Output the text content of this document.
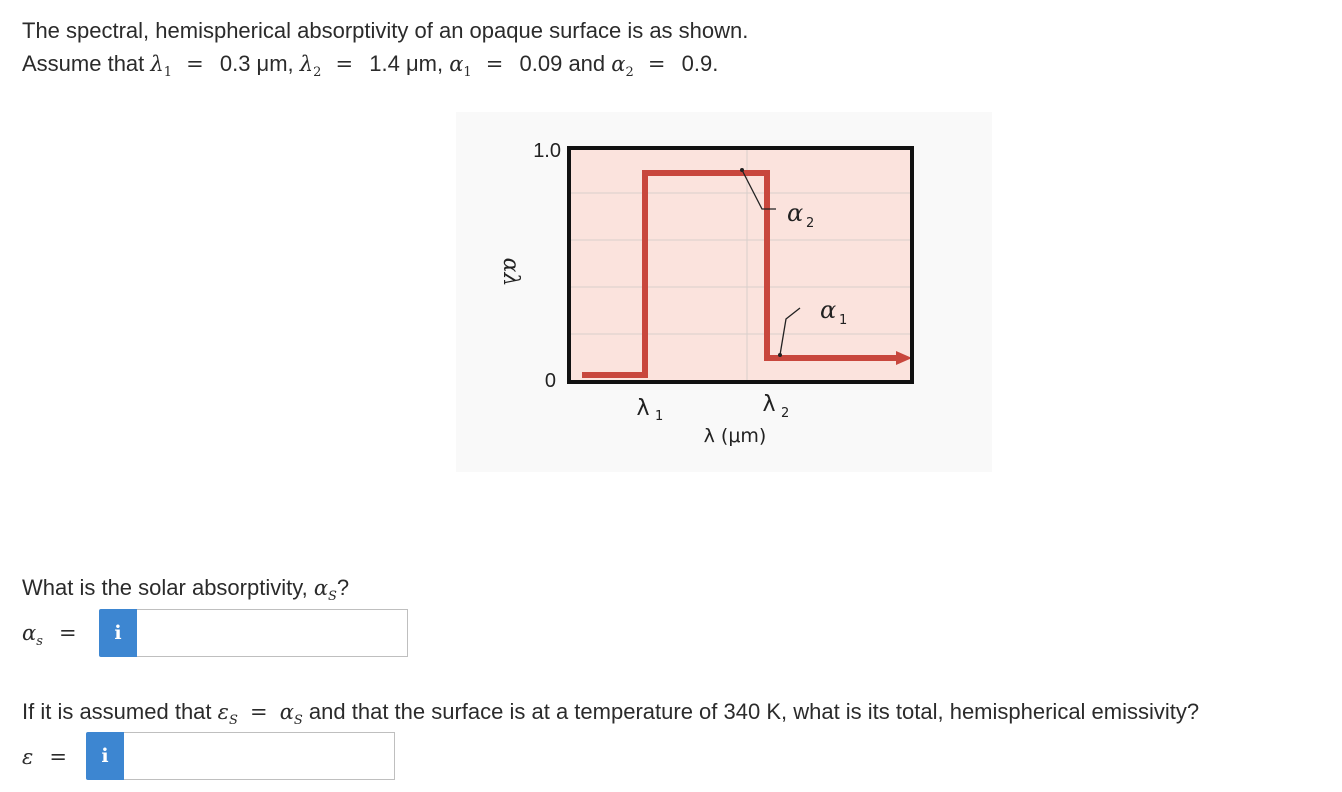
The spectral, hemispherical absorptivity of an opaque surface is as shown.
Assume that $\lambda_1 = 0.3$ μm, $\lambda_2 = 1.4$ μm, $\alpha_1 = 0.09$ and $\alpha_2 = 0.9$.
1.0
0
αλ
λ 1	λ 2
λ (μm)
α 2
α 1
What is the solar absorptivity, $\alpha_S$?
$\alpha_s = i$
If it is assumed that $\varepsilon_S = \alpha_S$ and that the surface is at a temperature of 340 K, what is its total, hemispherical emissivity?
ε = i
